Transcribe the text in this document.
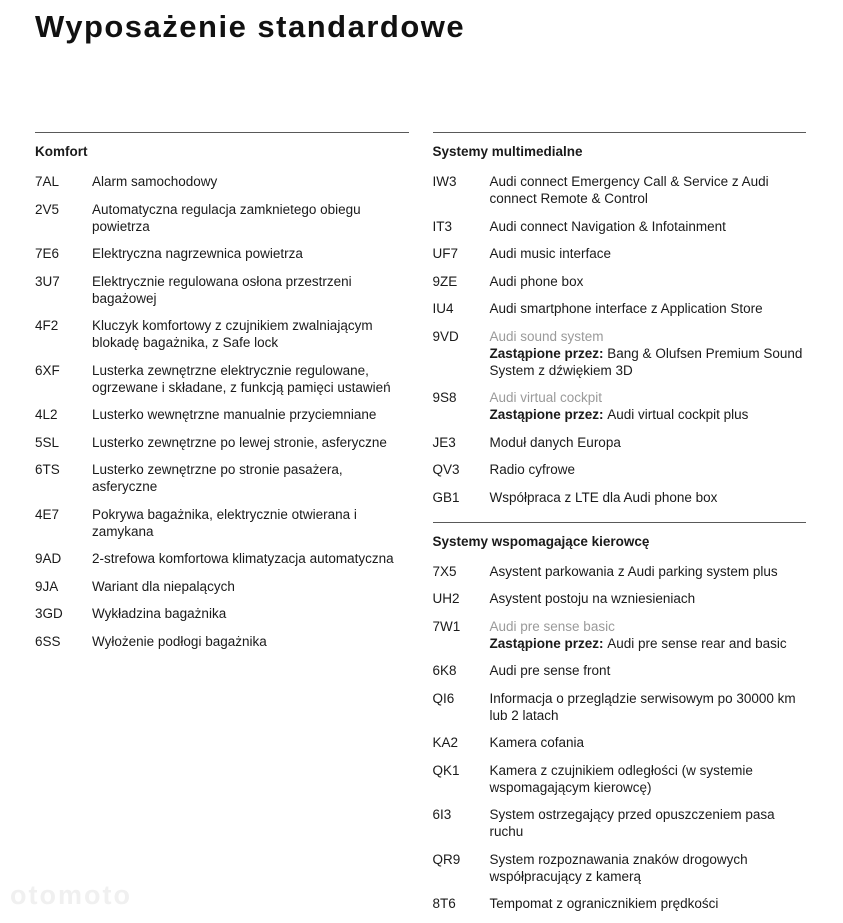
Wyposażenie standardowe
Komfort
7AL	Alarm samochodowy
2V5	Automatyczna regulacja zamknietego obiegu powietrza
7E6	Elektryczna nagrzewnica powietrza
3U7	Elektrycznie regulowana osłona przestrzeni bagażowej
4F2	Kluczyk komfortowy z czujnikiem zwalniającym blokadę bagażnika, z Safe lock
6XF	Lusterka zewnętrzne elektrycznie regulowane, ogrzewane i składane, z funkcją pamięci ustawień
4L2	Lusterko wewnętrzne manualnie przyciemniane
5SL	Lusterko zewnętrzne po lewej stronie, asferyczne
6TS	Lusterko zewnętrzne po stronie pasażera, asferyczne
4E7	Pokrywa bagażnika, elektrycznie otwierana i zamykana
9AD	2-strefowa komfortowa klimatyzacja automatyczna
9JA	Wariant dla niepalących
3GD	Wykładzina bagażnika
6SS	Wyłożenie podłogi bagażnika
Systemy multimedialne
IW3	Audi connect Emergency Call & Service z Audi connect Remote & Control
IT3	Audi connect Navigation & Infotainment
UF7	Audi music interface
9ZE	Audi phone box
IU4	Audi smartphone interface z Application Store
9VD	Audi sound system
Zastąpione przez: Bang & Olufsen Premium Sound System z dźwiękiem 3D
9S8	Audi virtual cockpit
Zastąpione przez: Audi virtual cockpit plus
JE3	Moduł danych Europa
QV3	Radio cyfrowe
GB1	Współpraca z LTE dla Audi phone box
Systemy wspomagające kierowcę
7X5	Asystent parkowania z Audi parking system plus
UH2	Asystent postoju na wzniesieniach
7W1	Audi pre sense basic
Zastąpione przez: Audi pre sense rear and basic
6K8	Audi pre sense front
QI6	Informacja o przeglądzie serwisowym po 30000 km lub 2 latach
KA2	Kamera cofania
QK1	Kamera z czujnikiem odległości (w systemie wspomagającym kierowcę)
6I3	System ostrzegający przed opuszczeniem pasa ruchu
QR9	System rozpoznawania znaków drogowych współpracujący z kamerą
8T6	Tempomat z ogranicznikiem prędkości
otomoto
